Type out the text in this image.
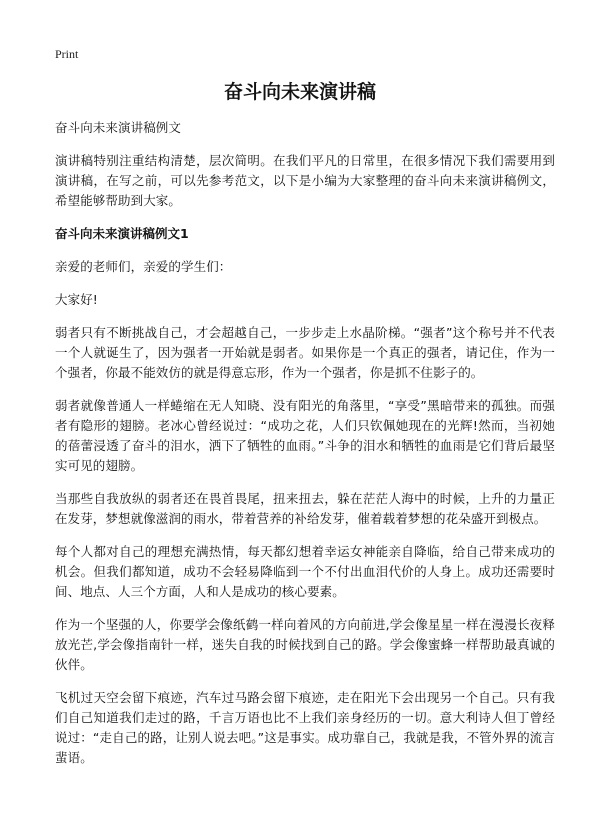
Print
奋斗向未来演讲稿

奋斗向未来演讲稿例文

演讲稿特别注重结构清楚，层次简明。在我们平凡的日常里，在很多情况下我们需要用到演讲稿，在写之前，可以先参考范文，以下是小编为大家整理的奋斗向未来演讲稿例文，希望能够帮助到大家。

奋斗向未来演讲稿例文1

亲爱的老师们，亲爱的学生们：

大家好!

弱者只有不断挑战自己，才会超越自己，一步步走上水晶阶梯。“强者”这个称号并不代表一个人就诞生了，因为强者一开始就是弱者。如果你是一个真正的强者，请记住，作为一个强者，你最不能效仿的就是得意忘形，作为一个强者，你是抓不住影子的。

弱者就像普通人一样蜷缩在无人知晓、没有阳光的角落里，“享受”黑暗带来的孤独。而强者有隐形的翅膀。老冰心曾经说过：“成功之花，人们只钦佩她现在的光辉!然而，当初她的蓓蕾浸透了奋斗的泪水，洒下了牺牲的血雨。”斗争的泪水和牺牲的血雨是它们背后最坚实可见的翅膀。

当那些自我放纵的弱者还在畏首畏尾，扭来扭去，躲在茫茫人海中的时候，上升的力量正在发芽，梦想就像滋润的雨水，带着营养的补给发芽，催着载着梦想的花朵盛开到极点。

每个人都对自己的理想充满热情，每天都幻想着幸运女神能亲自降临，给自己带来成功的机会。但我们都知道，成功不会轻易降临到一个不付出血泪代价的人身上。成功还需要时间、地点、人三个方面，人和人是成功的核心要素。

作为一个坚强的人，你要学会像纸鹤一样向着风的方向前进,学会像星星一样在漫漫长夜释放光芒,学会像指南针一样，迷失自我的时候找到自己的路。学会像蜜蜂一样帮助最真诚的伙伴。

飞机过天空会留下痕迹，汽车过马路会留下痕迹，走在阳光下会出现另一个自己。只有我们自己知道我们走过的路，千言万语也比不上我们亲身经历的一切。意大利诗人但丁曾经说过：“走自己的路，让别人说去吧。”这是事实。成功靠自己，我就是我，不管外界的流言蜚语。
